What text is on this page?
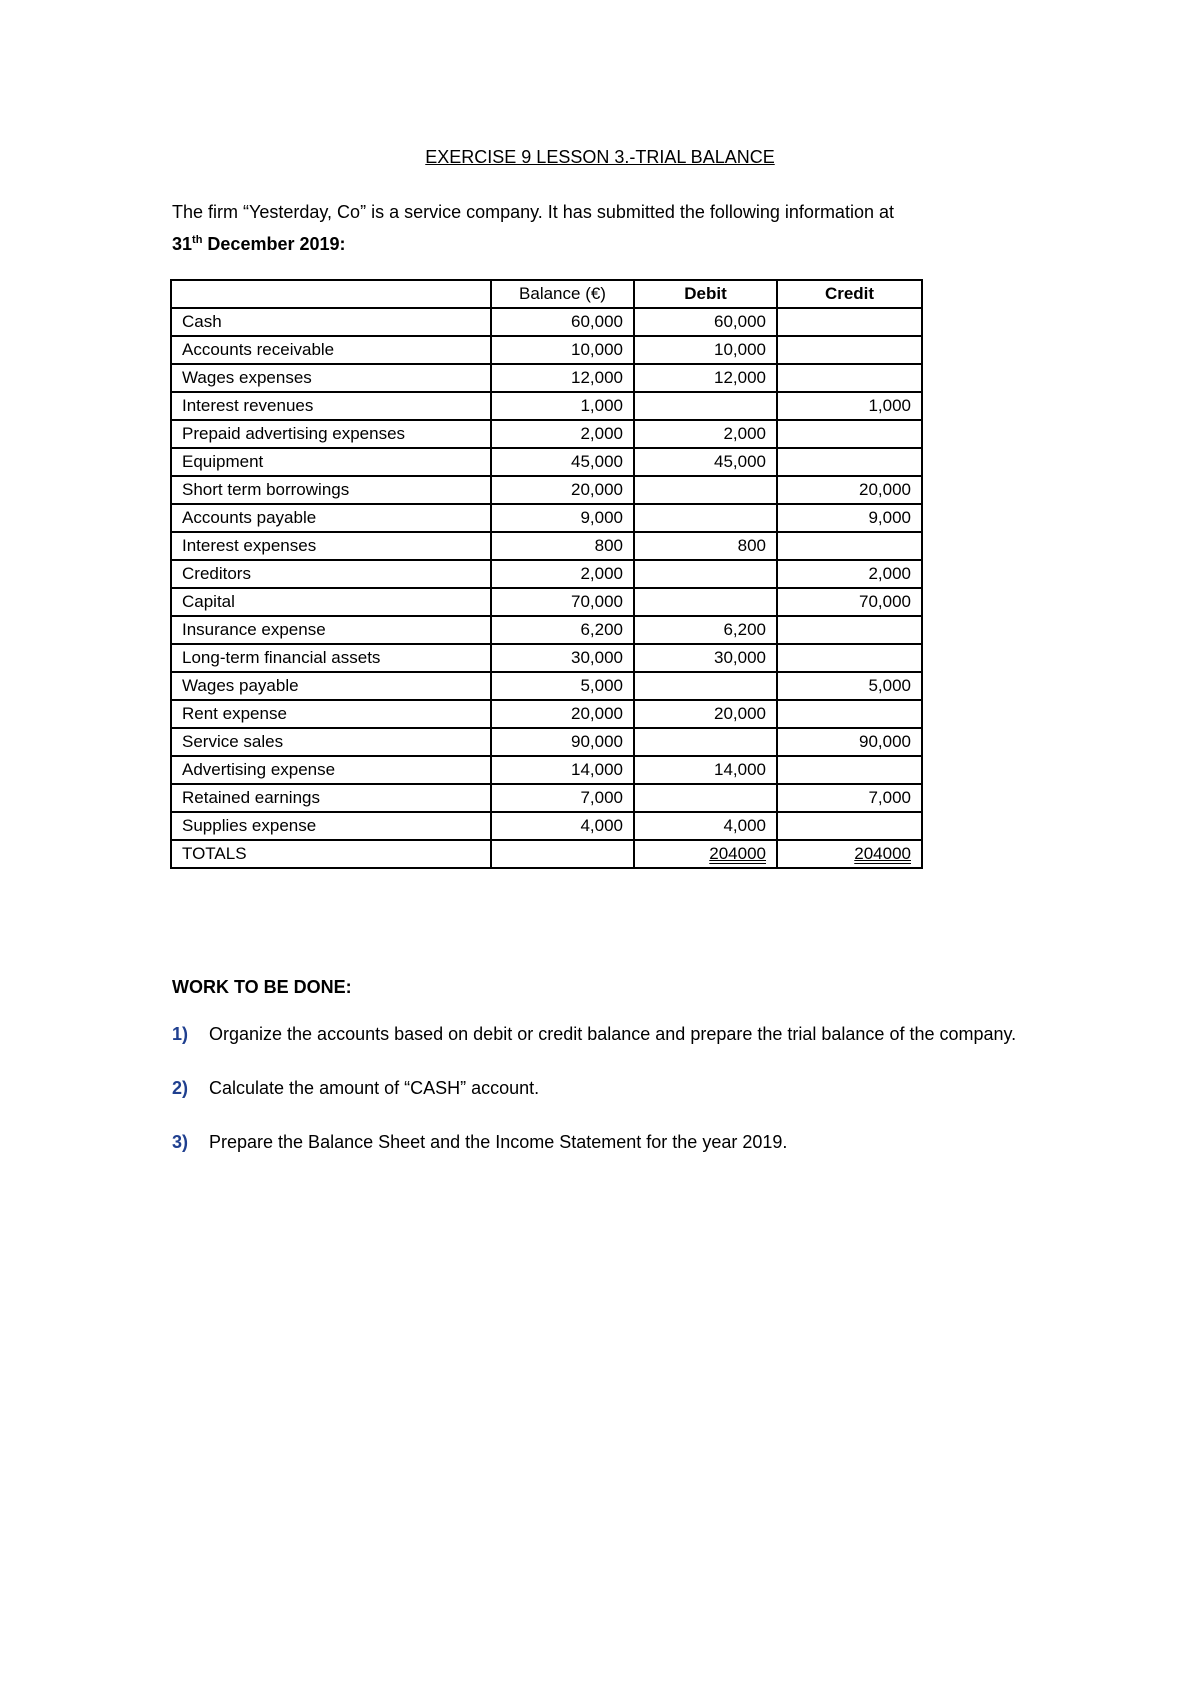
EXERCISE 9 LESSON 3.-TRIAL BALANCE
The firm “Yesterday, Co” is a service company. It has submitted the following information at
31th December 2019:
	Balance (€)	Debit	Credit
Cash	60,000	60,000	
Accounts receivable	10,000	10,000	
Wages expenses	12,000	12,000	
Interest revenues	1,000		1,000
Prepaid advertising expenses	2,000	2,000	
Equipment	45,000	45,000	
Short term borrowings	20,000		20,000
Accounts payable	9,000		9,000
Interest expenses	800	800	
Creditors	2,000		2,000
Capital	70,000		70,000
Insurance expense	6,200	6,200	
Long-term financial assets	30,000	30,000	
Wages payable	5,000		5,000
Rent expense	20,000	20,000	
Service sales	90,000		90,000
Advertising expense	14,000	14,000	
Retained earnings	7,000		7,000
Supplies expense	4,000	4,000	
TOTALS		204000	204000
WORK TO BE DONE:
1)	Organize the accounts based on debit or credit balance and prepare the trial balance of the company.
2)	Calculate the amount of “CASH” account.
3)	Prepare the Balance Sheet and the Income Statement for the year 2019.
